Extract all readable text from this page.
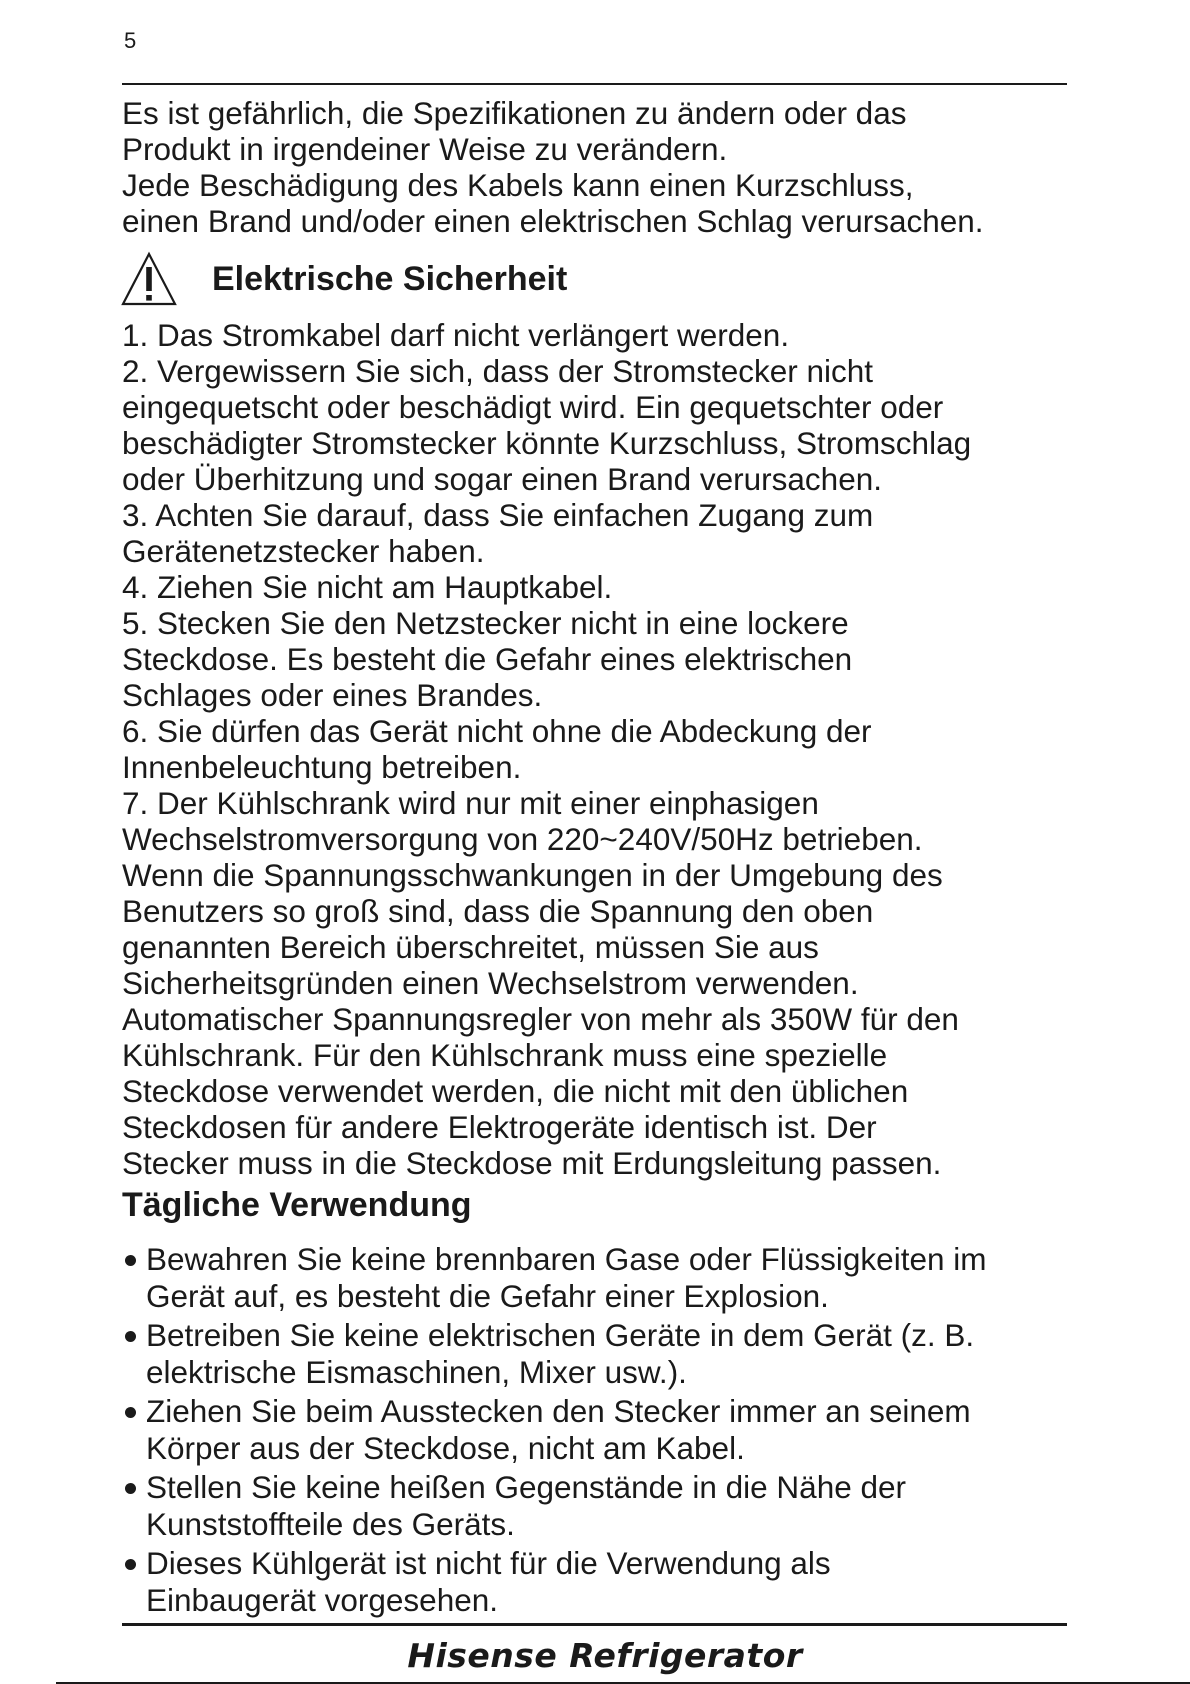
5
Es ist gefährlich, die Spezifikationen zu ändern oder das
Produkt in irgendeiner Weise zu verändern.
Jede Beschädigung des Kabels kann einen Kurzschluss,
einen Brand und/oder einen elektrischen Schlag verursachen.
Elektrische Sicherheit
1. Das Stromkabel darf nicht verlängert werden.
2. Vergewissern Sie sich, dass der Stromstecker nicht
eingequetscht oder beschädigt wird. Ein gequetschter oder
beschädigter Stromstecker könnte Kurzschluss, Stromschlag
oder Überhitzung und sogar einen Brand verursachen.
3. Achten Sie darauf, dass Sie einfachen Zugang zum
Gerätenetzstecker haben.
4. Ziehen Sie nicht am Hauptkabel.
5. Stecken Sie den Netzstecker nicht in eine lockere
Steckdose. Es besteht die Gefahr eines elektrischen
Schlages oder eines Brandes.
6. Sie dürfen das Gerät nicht ohne die Abdeckung der
Innenbeleuchtung betreiben.
7. Der Kühlschrank wird nur mit einer einphasigen
Wechselstromversorgung von 220~240V/50Hz betrieben.
Wenn die Spannungsschwankungen in der Umgebung des
Benutzers so groß sind, dass die Spannung den oben
genannten Bereich überschreitet, müssen Sie aus
Sicherheitsgründen einen Wechselstrom verwenden.
Automatischer Spannungsregler von mehr als 350W für den
Kühlschrank. Für den Kühlschrank muss eine spezielle
Steckdose verwendet werden, die nicht mit den üblichen
Steckdosen für andere Elektrogeräte identisch ist. Der
Stecker muss in die Steckdose mit Erdungsleitung passen.
Tägliche Verwendung
Bewahren Sie keine brennbaren Gase oder Flüssigkeiten im
Gerät auf, es besteht die Gefahr einer Explosion.
Betreiben Sie keine elektrischen Geräte in dem Gerät (z. B.
elektrische Eismaschinen, Mixer usw.).
Ziehen Sie beim Ausstecken den Stecker immer an seinem
Körper aus der Steckdose, nicht am Kabel.
Stellen Sie keine heißen Gegenstände in die Nähe der
Kunststoffteile des Geräts.
Dieses Kühlgerät ist nicht für die Verwendung als
Einbaugerät vorgesehen.
Hisense Refrigerator
